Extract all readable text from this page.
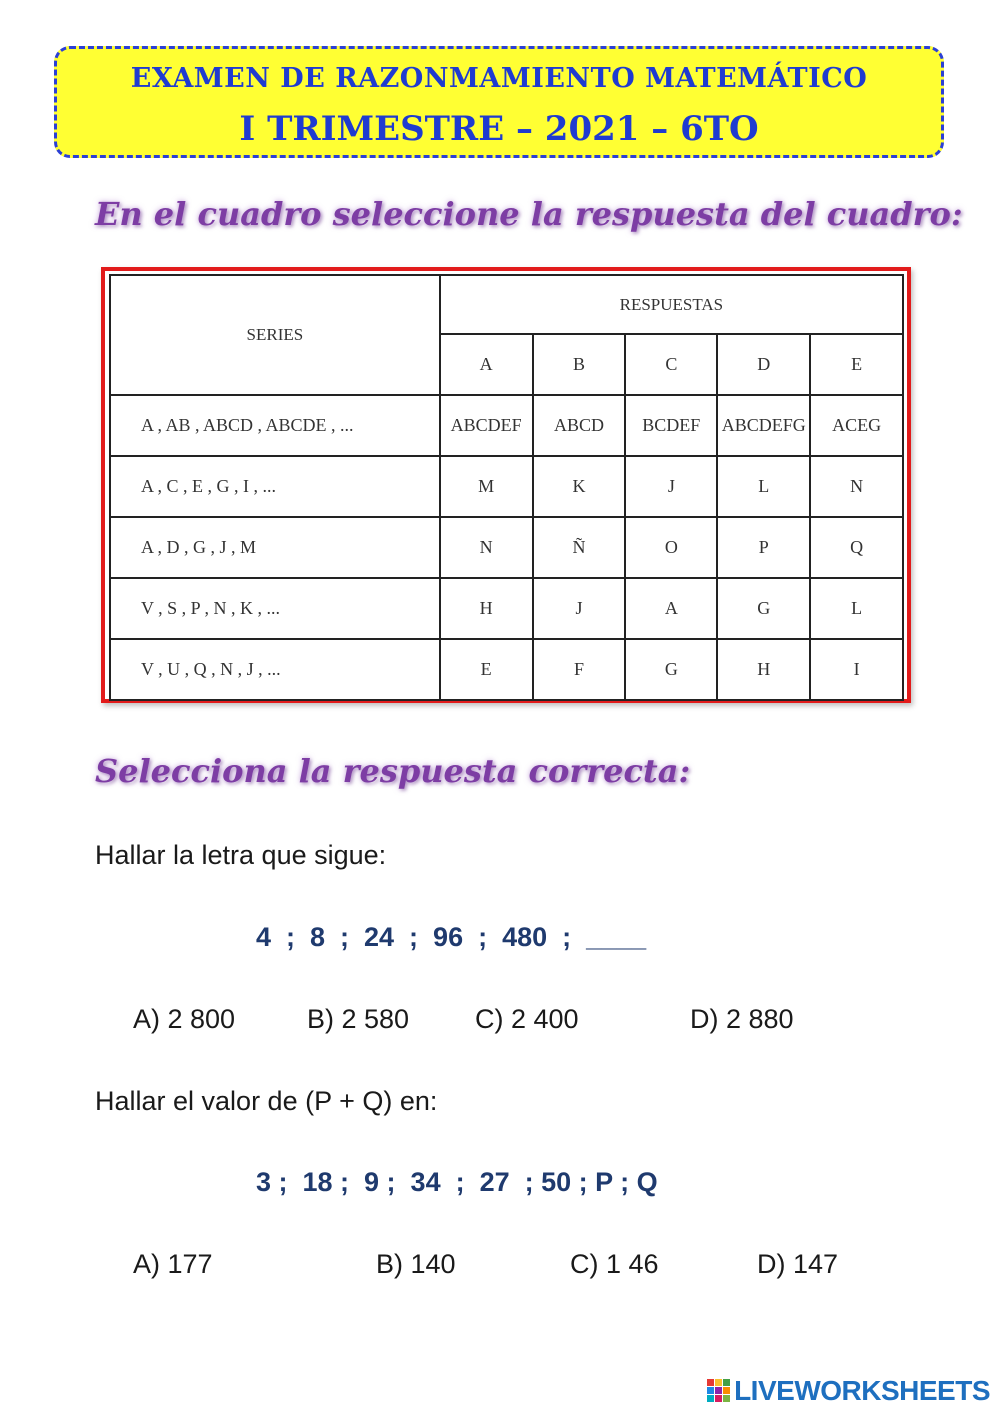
EXAMEN DE RAZONMAMIENTO MATEMÁTICO
I TRIMESTRE – 2021 – 6TO
En el cuadro seleccione la respuesta del cuadro:
SERIES	RESPUESTAS				
	A	B	C	D	E
A , AB , ABCD , ABCDE , ...	ABCDEF	ABCD	BCDEF	ABCDEFG	ACEG
A , C , E , G , I , ...	M	K	J	L	N
A , D , G , J , M	N	Ñ	O	P	Q
V , S , P , N , K , ...	H	J	A	G	L
V , U , Q , N , J , ...	E	F	G	H	I
Selecciona la respuesta correcta:
Hallar la letra que sigue:
4  ;  8  ;  24  ;  96  ;  480  ;  ____
A) 2 800	B) 2 580 C) 2 400	D) 2 880
Hallar el valor de (P + Q) en:
3 ;  18 ;  9 ;  34  ;  27  ; 50 ; P ; Q
A) 177	B) 140	C) 1 46	D) 147
LIVEWORKSHEETS
